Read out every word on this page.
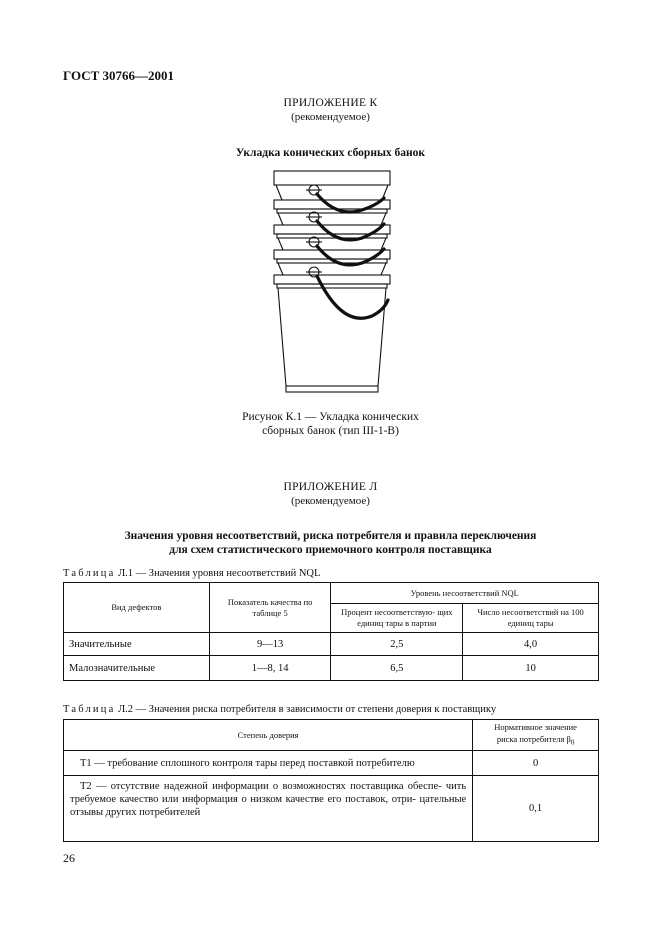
ГОСТ 30766—2001
ПРИЛОЖЕНИЕ К
(рекомендуемое)
Укладка конических сборных банок
Рисунок К.1 — Укладка конических
сборных банок (тип III-1-В)
ПРИЛОЖЕНИЕ Л
(рекомендуемое)
Значения уровня несоответствий, риска потребителя и правила переключения
для схем статистического приемочного контроля поставщика
Таблица Л.1 — Значения уровня несоответствий NQL
Вид дефектов	Показатель качества по таблице 5	Уровень несоответствий NQL	
		Процент несоответствую- щих единиц тары в партии	Число несоответствий на 100 единиц тары
Значительные	9—13	2,5	4,0
Малозначительные	1—8, 14	6,5	10
Таблица Л.2 — Значения риска потребителя в зависимости от степени доверия к поставщику
Степень доверия	Нормативное значение
риска потребителя $\beta_0$

Т1 — требование сплошного контроля тары перед поставкой потребителю	0
Т2 — отсутствие надежной информации о возможностях поставщика обеспе- чить требуемое качество или информация о низком качестве его поставок, отри- цательные отзывы других потребителей	0,1
26
